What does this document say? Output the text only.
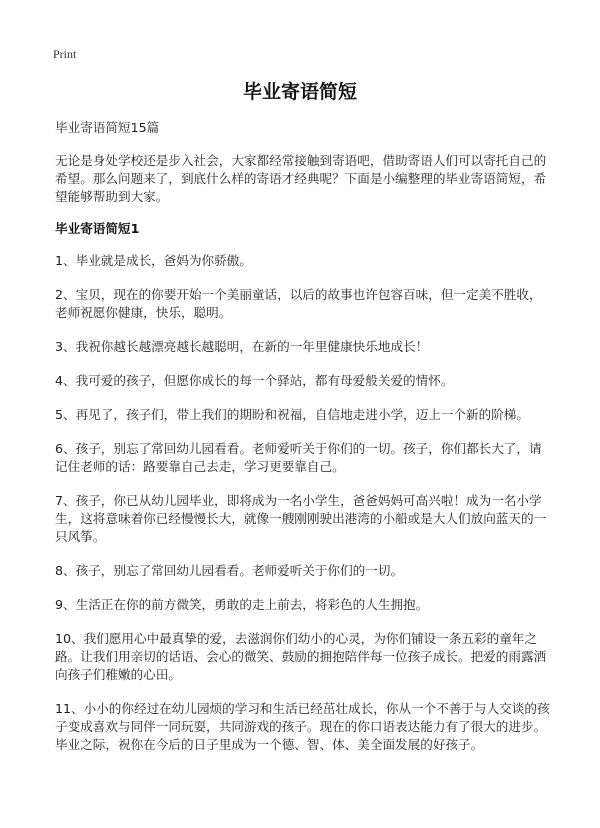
Print
毕业寄语简短

毕业寄语简短15篇

无论是身处学校还是步入社会，大家都经常接触到寄语吧，借助寄语人们可以寄托自己的希望。那么问题来了，到底什么样的寄语才经典呢？下面是小编整理的毕业寄语简短，希望能够帮助到大家。

毕业寄语简短1

1、毕业就是成长，爸妈为你骄傲。

2、宝贝，现在的你要开始一个美丽童话，以后的故事也许包容百味，但一定美不胜收，老师祝愿你健康，快乐，聪明。

3、我祝你越长越漂亮越长越聪明，在新的一年里健康快乐地成长！

4、我可爱的孩子，但愿你成长的每一个驿站，都有母爱般关爱的情怀。

5、再见了，孩子们，带上我们的期盼和祝福，自信地走进小学，迈上一个新的阶梯。

6、孩子，别忘了常回幼儿园看看。老师爱听关于你们的一切。孩子，你们都长大了，请记住老师的话：路要靠自己去走，学习更要靠自己。

7、孩子，你已从幼儿园毕业，即将成为一名小学生，爸爸妈妈可高兴啦！成为一名小学生，这将意味着你已经慢慢长大，就像一艘刚刚驶出港湾的小船或是大人们放向蓝天的一只风筝。

8、孩子，别忘了常回幼儿园看看。老师爱听关于你们的一切。

9、生活正在你的前方微笑，勇敢的走上前去，将彩色的人生拥抱。

10、我们愿用心中最真挚的爱，去滋润你们幼小的心灵，为你们铺设一条五彩的童年之路。让我们用亲切的话语、会心的微笑、鼓励的拥抱陪伴每一位孩子成长。把爱的雨露洒向孩子们稚嫩的心田。

11、小小的你经过在幼儿园烦的学习和生活已经茁壮成长，你从一个不善于与人交谈的孩子变成喜欢与同伴一同玩耍，共同游戏的孩子。现在的你口语表达能力有了很大的进步。毕业之际，祝你在今后的日子里成为一个德、智、体、美全面发展的好孩子。
